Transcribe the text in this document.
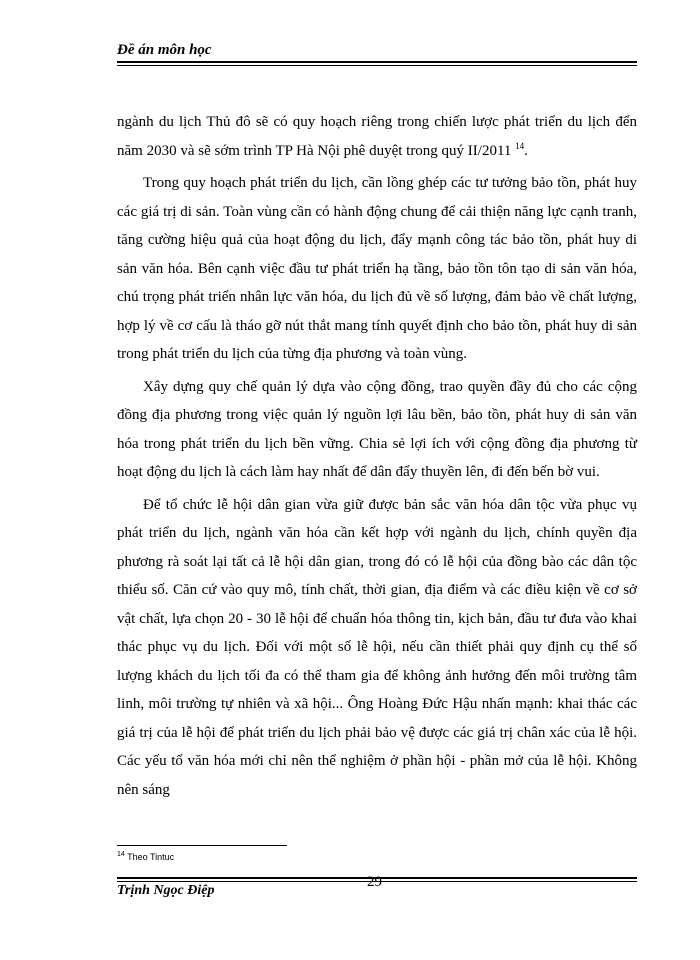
Đề án môn học

ngành du lịch Thủ đô sẽ có quy hoạch riêng trong chiến lược phát triển du lịch đến năm 2030 và sẽ sớm trình TP Hà Nội phê duyệt trong quý II/2011 $^{14}$.

Trong quy hoạch phát triển du lịch, cần lồng ghép các tư tưởng bảo tồn, phát huy các giá trị di sản. Toàn vùng cần có hành động chung để cải thiện năng lực cạnh tranh, tăng cường hiệu quả của hoạt động du lịch, đẩy mạnh công tác bảo tồn, phát huy di sản văn hóa. Bên cạnh việc đầu tư phát triển hạ tầng, bảo tồn tôn tạo di sản văn hóa, chú trọng phát triển nhân lực văn hóa, du lịch đủ về số lượng, đảm bảo về chất lượng, hợp lý về cơ cấu là tháo gỡ nút thắt mang tính quyết định cho bảo tồn, phát huy di sản trong phát triển du lịch của từng địa phương và toàn vùng.

Xây dựng quy chế quản lý dựa vào cộng đồng, trao quyền đầy đủ cho các cộng đồng địa phương trong việc quản lý nguồn lợi lâu bền, bảo tồn, phát huy di sản văn hóa trong phát triển du lịch bền vững. Chia sẻ lợi ích với cộng đồng địa phương từ hoạt động du lịch là cách làm hay nhất để dân đẩy thuyền lên, đi đến bến bờ vui.

Để tổ chức lễ hội dân gian vừa giữ được bản sắc văn hóa dân tộc vừa phục vụ phát triển du lịch, ngành văn hóa cần kết hợp với ngành du lịch, chính quyền địa phương rà soát lại tất cả lễ hội dân gian, trong đó có lễ hội của đồng bào các dân tộc thiểu số. Căn cứ vào quy mô, tính chất, thời gian, địa điểm và các điều kiện về cơ sở vật chất, lựa chọn 20 - 30 lễ hội để chuẩn hóa thông tin, kịch bản, đầu tư đưa vào khai thác phục vụ du lịch. Đối với một số lễ hội, nếu cần thiết phải quy định cụ thể số lượng khách du lịch tối đa có thể tham gia để không ảnh hưởng đến môi trường tâm linh, môi trường tự nhiên và xã hội... Ông Hoàng Đức Hậu nhấn mạnh: khai thác các giá trị của lễ hội để phát triển du lịch phải bảo vệ được các giá trị chân xác của lễ hội. Các yếu tố văn hóa mới chỉ nên thể nghiệm ở phần hội - phần mở của lễ hội. Không nên sáng

$^{14}$ Theo Tintuc
Trịnh Ngọc Điệp
29
